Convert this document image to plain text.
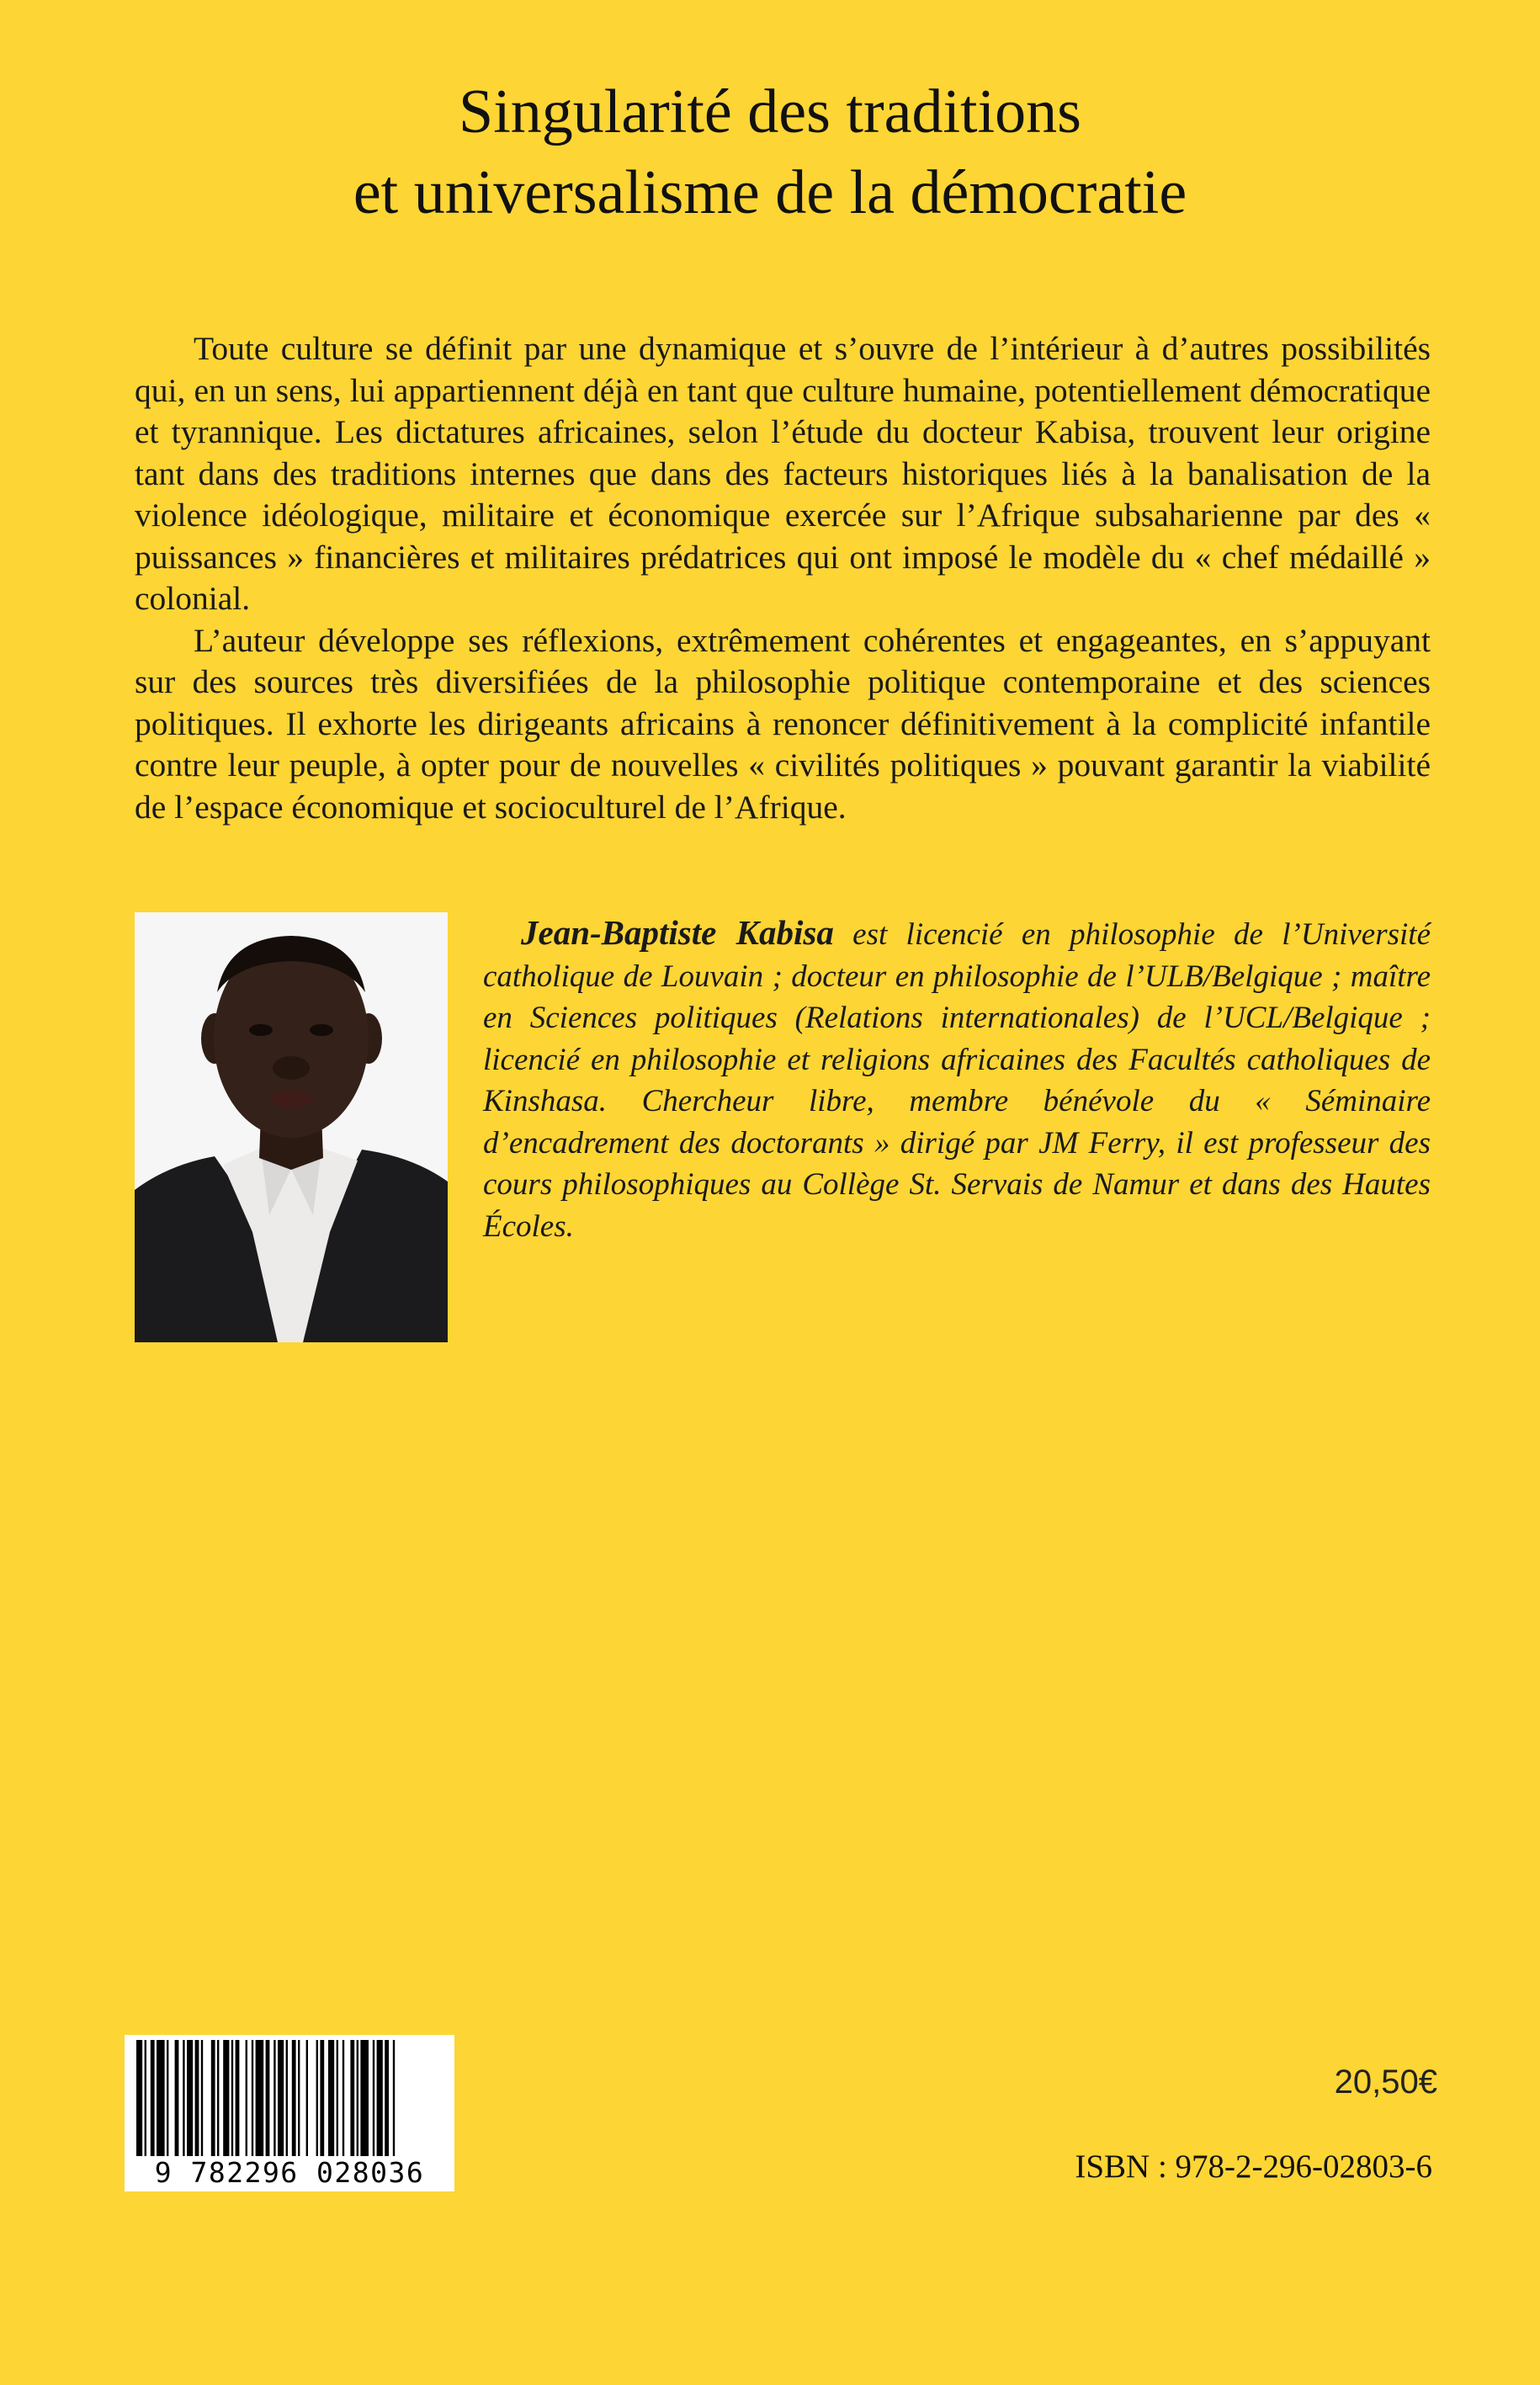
Singularité des traditions
et universalisme de la démocratie

Toute culture se définit par une dynamique et s’ouvre de l’intérieur à d’autres possibilités qui, en un sens, lui appartiennent déjà en tant que culture humaine, potentiellement démocratique et tyrannique. Les dictatures africaines, selon l’étude du docteur Kabisa, trouvent leur origine tant dans des traditions internes que dans des facteurs historiques liés à la banalisation de la violence idéologique, militaire et économique exercée sur l’Afrique subsaharienne par des « puissances » financières et militaires prédatrices qui ont imposé le modèle du « chef médaillé » colonial.

L’auteur développe ses réflexions, extrêmement cohérentes et engageantes, en s’appuyant sur des sources très diversifiées de la philosophie politique contemporaine et des sciences politiques. Il exhorte les dirigeants africains à renoncer définitivement à la complicité infantile contre leur peuple, à opter pour de nouvelles « civilités politiques » pouvant garantir la viabilité de l’espace économique et socioculturel de l’Afrique.

Jean-Baptiste Kabisa est licencié en philosophie de l’Université catholique de Louvain ; docteur en philosophie de l’ULB/Belgique ; maître en Sciences politiques (Relations internationales) de l’UCL/Belgique ; licencié en philosophie et religions africaines des Facultés catholiques de Kinshasa. Chercheur libre, membre bénévole du « Séminaire d’encadrement des doctorants » dirigé par JM Ferry, il est professeur des cours philosophiques au Collège St. Servais de Namur et dans des Hautes Écoles.
9 782296 028036
20,50€
ISBN : 978-2-296-02803-6
